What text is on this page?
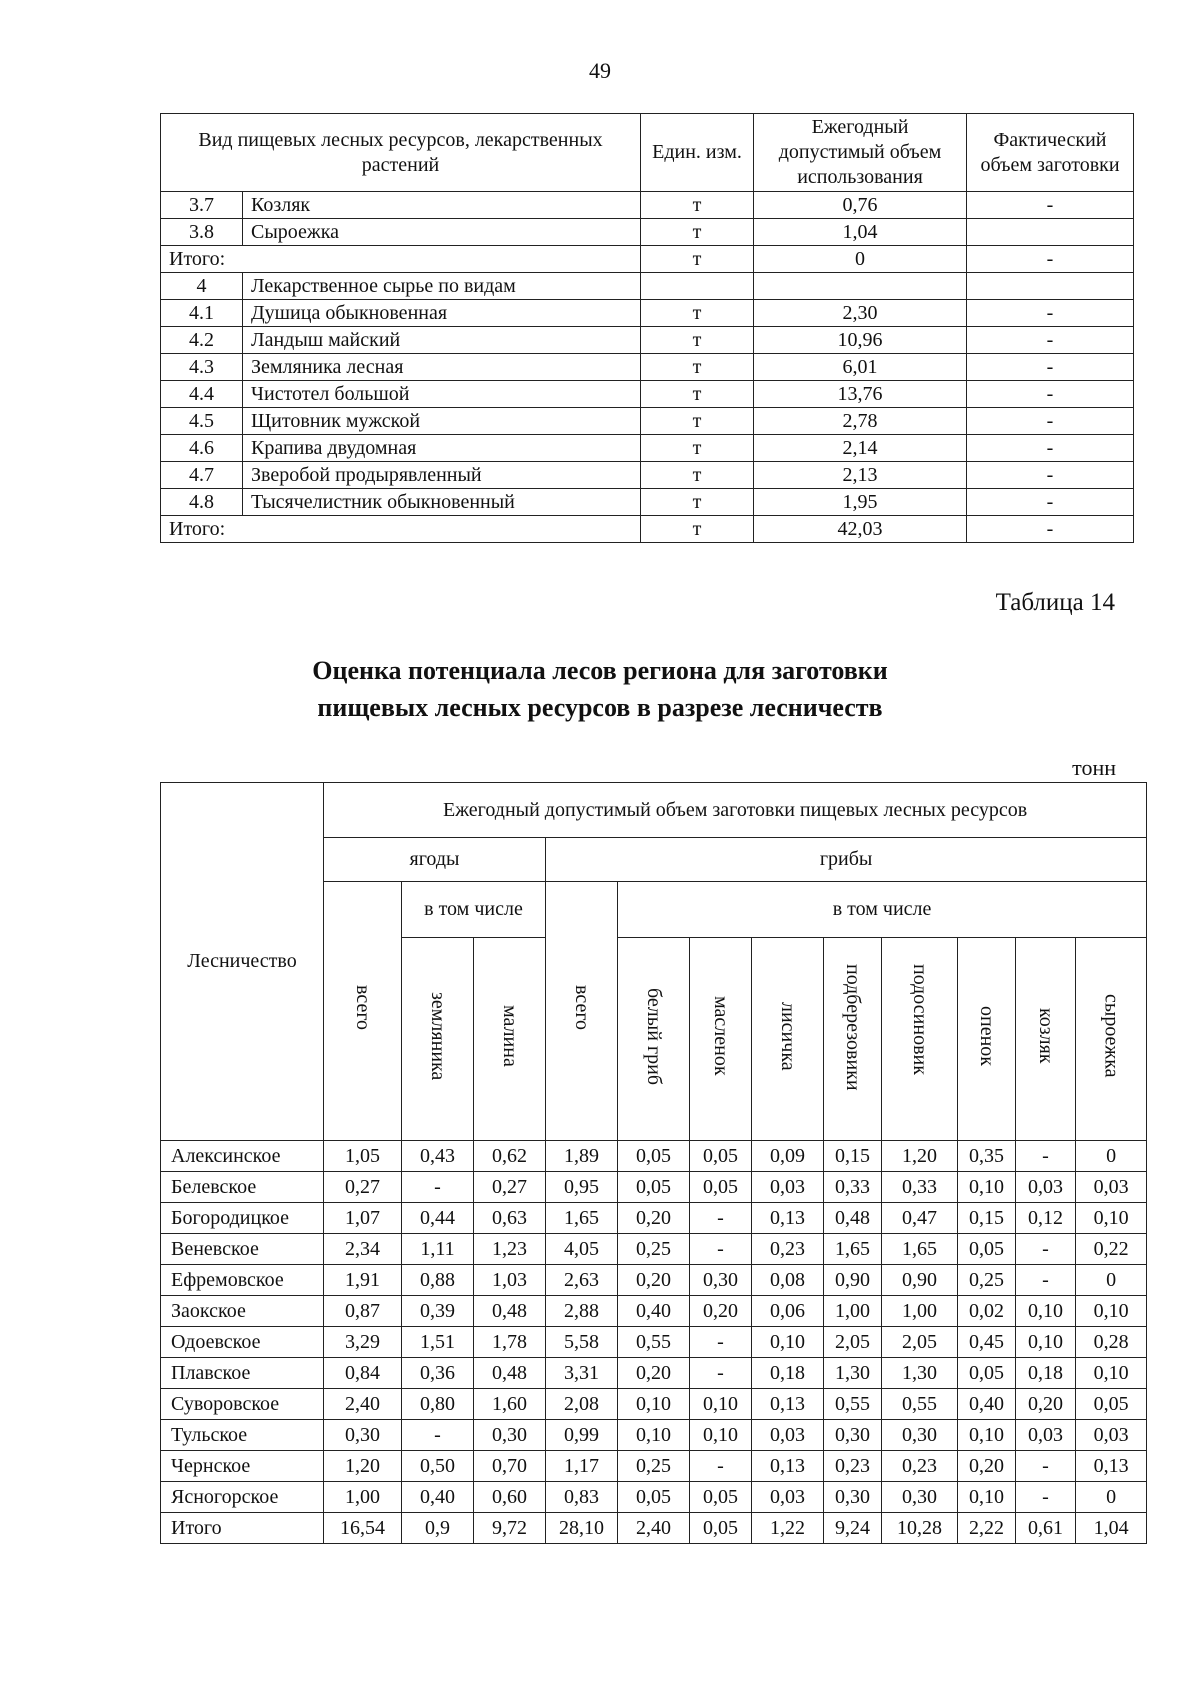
49
Вид пищевых лесных ресурсов, лекарственных растений		Един. изм.	Ежегодный допустимый объем использования	Фактический объем заготовки
3.7	Козляк	т	0,76	-
3.8	Сыроежка	т	1,04	
Итого:		т	0	-
4	Лекарственное сырье по видам			
4.1	Душица обыкновенная	т	2,30	-
4.2	Ландыш майский	т	10,96	-
4.3	Земляника лесная	т	6,01	-
4.4	Чистотел большой	т	13,76	-
4.5	Щитовник мужской	т	2,78	-
4.6	Крапива двудомная	т	2,14	-
4.7	Зверобой продырявленный	т	2,13	-
4.8	Тысячелистник обыкновенный	т	1,95	-
Итого:		т	42,03	-
Таблица 14
Оценка потенциала лесов региона для заготовки
пищевых лесных ресурсов в разрезе лесничеств
тонн
Лесничество	Ежегодный допустимый объем заготовки пищевых лесных ресурсов											
	ягоды			грибы								
	всего	в том числе		всего	в том числе							
		земляника	малина		белый гриб	масленок	лисичка	подберезовики	подосиновик	опенок	козляк	сыроежка
Алексинское	1,05	0,43	0,62	1,89	0,05	0,05	0,09	0,15	1,20	0,35	-	0
Белевское	0,27	-	0,27	0,95	0,05	0,05	0,03	0,33	0,33	0,10	0,03	0,03
Богородицкое	1,07	0,44	0,63	1,65	0,20	-	0,13	0,48	0,47	0,15	0,12	0,10
Веневское	2,34	1,11	1,23	4,05	0,25	-	0,23	1,65	1,65	0,05	-	0,22
Ефремовское	1,91	0,88	1,03	2,63	0,20	0,30	0,08	0,90	0,90	0,25	-	0
Заокское	0,87	0,39	0,48	2,88	0,40	0,20	0,06	1,00	1,00	0,02	0,10	0,10
Одоевское	3,29	1,51	1,78	5,58	0,55	-	0,10	2,05	2,05	0,45	0,10	0,28
Плавское	0,84	0,36	0,48	3,31	0,20	-	0,18	1,30	1,30	0,05	0,18	0,10
Суворовское	2,40	0,80	1,60	2,08	0,10	0,10	0,13	0,55	0,55	0,40	0,20	0,05
Тульское	0,30	-	0,30	0,99	0,10	0,10	0,03	0,30	0,30	0,10	0,03	0,03
Чернское	1,20	0,50	0,70	1,17	0,25	-	0,13	0,23	0,23	0,20	-	0,13
Ясногорское	1,00	0,40	0,60	0,83	0,05	0,05	0,03	0,30	0,30	0,10	-	0
Итого	16,54	0,9	9,72	28,10	2,40	0,05	1,22	9,24	10,28	2,22	0,61	1,04
